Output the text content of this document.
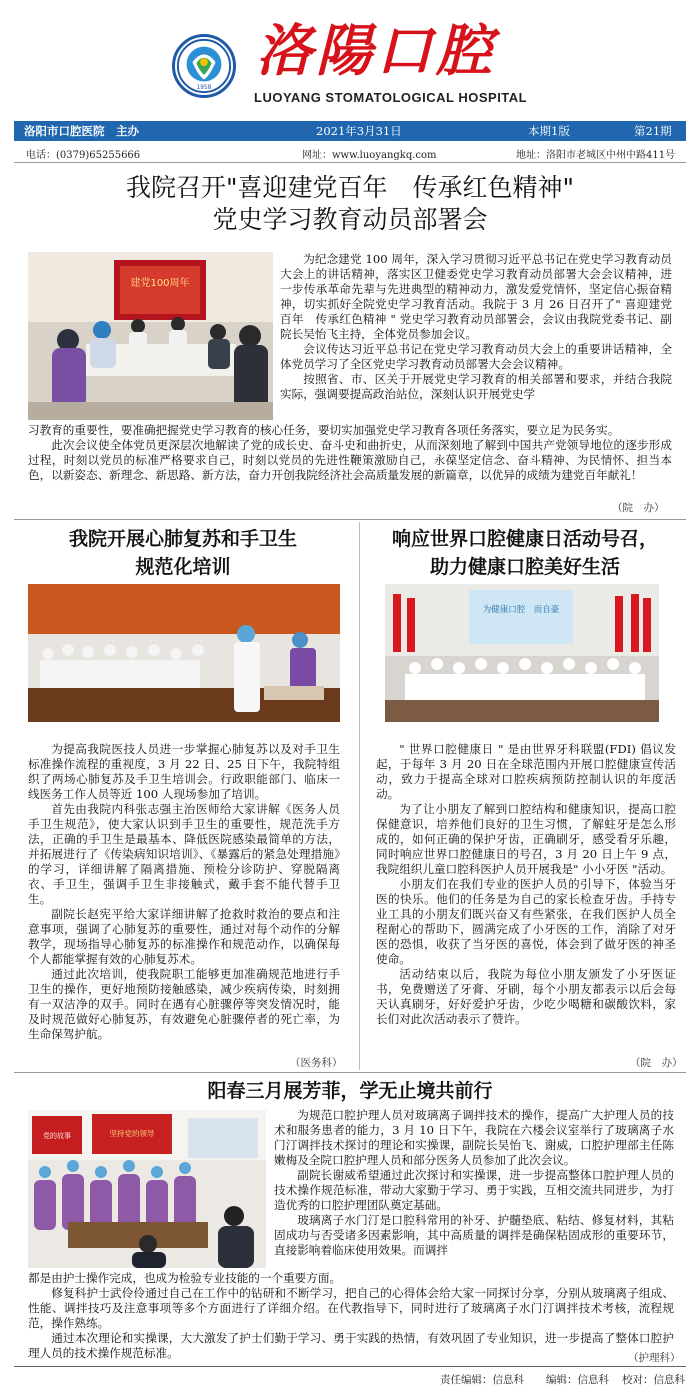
1958
洛陽口腔
LUOYANG STOMATOLOGICAL HOSPITAL
洛阳市口腔医院　主办	2021年3月31日	本期1版	第21期
电话：(0379)65255666	网址：www.luoyangkq.com	地址：洛阳市老城区中州中路411号
我院召开"喜迎建党百年　传承红色精神"
党史学习教育动员部署会
建党100周年

为纪念建党 100 周年，深入学习贯彻习近平总书记在党史学习教育动员大会上的讲话精神，落实区卫健委党史学习教育动员部署大会会议精神，进一步传承革命先辈与先进典型的精神动力，激发爱党情怀，坚定信心振奋精神，切实抓好全院党史学习教育活动。我院于 3 月 26 日召开了" 喜迎建党百年　传承红色精神 " 党史学习教育动员部署会，会议由我院党委书记、副院长吴怡飞主持，全体党员参加会议。

会议传达习近平总书记在党史学习教育动员大会上的重要讲话精神，全体党员学习了全区党史学习教育动员部署大会会议精神。

按照省、市、区关于开展党史学习教育的相关部署和要求，并结合我院实际，强调要提高政治站位，深刻认识开展党史学

习教育的重要性，要准确把握党史学习教育的核心任务，要切实加强党史学习教育各项任务落实，要立足为民务实。

此次会议使全体党员更深层次地解读了党的成长史、奋斗史和曲折史，从而深刻地了解到中国共产党领导地位的逐步形成过程，时刻以党员的标准严格要求自己，时刻以党员的先进性鞭策激励自己，永葆坚定信念、奋斗精神、为民情怀、担当本色，以新姿态、新理念、新思路、新方法，奋力开创我院经济社会高质量发展的新篇章，以优异的成绩为建党百年献礼！

（院　办）
我院开展心肺复苏和手卫生
规范化培训

为提高我院医技人员进一步掌握心肺复苏以及对手卫生标准操作流程的重视度，3 月 22 日、25 日下午，我院特组织了两场心肺复苏及手卫生培训会。行政职能部门、临床一线医务工作人员等近 100 人现场参加了培训。

首先由我院内科张志强主治医师给大家讲解《医务人员手卫生规范》，使大家认识到手卫生的重要性，规范洗手方法，正确的手卫生是最基本、降低医院感染最简单的方法，并拓展进行了《传染病知识培训》、《暴露后的紧急处理措施》的学习，详细讲解了隔离措施、预检分诊防护、穿脱隔离衣、手卫生，强调手卫生非接触式，戴手套不能代替手卫生。

副院长赵宪平给大家详细讲解了抢救时救治的要点和注意事项，强调了心肺复苏的重要性，通过对每个动作的分解教学，现场指导心肺复苏的标准操作和规范动作，以确保每个人都能掌握有效的心肺复苏术。

通过此次培训，使我院职工能够更加准确规范地进行手卫生的操作，更好地预防接触感染，减少疾病传染，时刻拥有一双洁净的双手。同时在遇有心脏骤停等突发情况时，能及时规范做好心肺复苏，有效避免心脏骤停者的死亡率，为生命保驾护航。

（医务科）
响应世界口腔健康日活动号召，
助力健康口腔美好生活
为健康口腔　而自豪

" 世界口腔健康日 " 是由世界牙科联盟(FDI) 倡议发起，于每年 3 月 20 日在全球范围内开展口腔健康宣传活动，致力于提高全球对口腔疾病预防控制认识的年度活动。

为了让小朋友了解到口腔结构和健康知识，提高口腔保健意识，培养他们良好的卫生习惯，了解蛀牙是怎么形成的，如何正确的保护牙齿，正确刷牙，感受看牙乐趣，同时响应世界口腔健康日的号召，3 月 20 日上午 9 点，我院组织儿童口腔科医护人员开展我是" 小小牙医 "活动。

小朋友们在我们专业的医护人员的引导下，体验当牙医的快乐。他们的任务是为自己的家长检查牙齿。手持专业工具的小朋友们既兴奋又有些紧张，在我们医护人员全程耐心的帮助下，圆满完成了小牙医的工作，消除了对牙医的恐惧，收获了当牙医的喜悦，体会到了做牙医的神圣使命。

活动结束以后，我院为每位小朋友颁发了小牙医证书，免费赠送了牙膏、牙刷，每个小朋友都表示以后会每天认真刷牙，好好爱护牙齿，少吃少喝糖和碳酸饮料，家长们对此次活动表示了赞许。

（院　办）
阳春三月展芳菲，学无止境共前行
党的故事	坚持党的领导

为规范口腔护理人员对玻璃离子调拌技术的操作，提高广大护理人员的技术和服务患者的能力，3 月 10 日下午，我院在六楼会议室举行了玻璃离子水门汀调拌技术探讨的理论和实操课，副院长吴怡飞、谢威，口腔护理部主任陈嫩梅及全院口腔护理人员和部分医务人员参加了此次会议。

副院长谢威希望通过此次探讨和实操课，进一步提高整体口腔护理人员的技术操作规范标准，带动大家勤于学习、勇于实践，互相交流共同进步，为打造优秀的口腔护理团队奠定基础。

玻璃离子水门汀是口腔科常用的补牙、护髓垫底、粘结、修复材料，其粘固成功与否受诸多因素影响，其中高质量的调拌是确保粘固成形的重要环节，直接影响着临床使用效果。而调拌

都是由护士操作完成，也成为检验专业技能的一个重要方面。

修复科护士武伶伶通过自己在工作中的钻研和不断学习，把自己的心得体会给大家一同探讨分享，分别从玻璃离子组成、性能、调拌技巧及注意事项等多个方面进行了详细介绍。在代教指导下，同时进行了玻璃离子水门汀调拌技术考核，流程规范，操作熟练。

通过本次理论和实操课，大大激发了护士们勤于学习、勇于实践的热情，有效巩固了专业知识，进一步提高了整体口腔护理人员的技术操作规范标准。	（护理科）
责任编辑：信息科 编辑：信息科 校对：信息科
